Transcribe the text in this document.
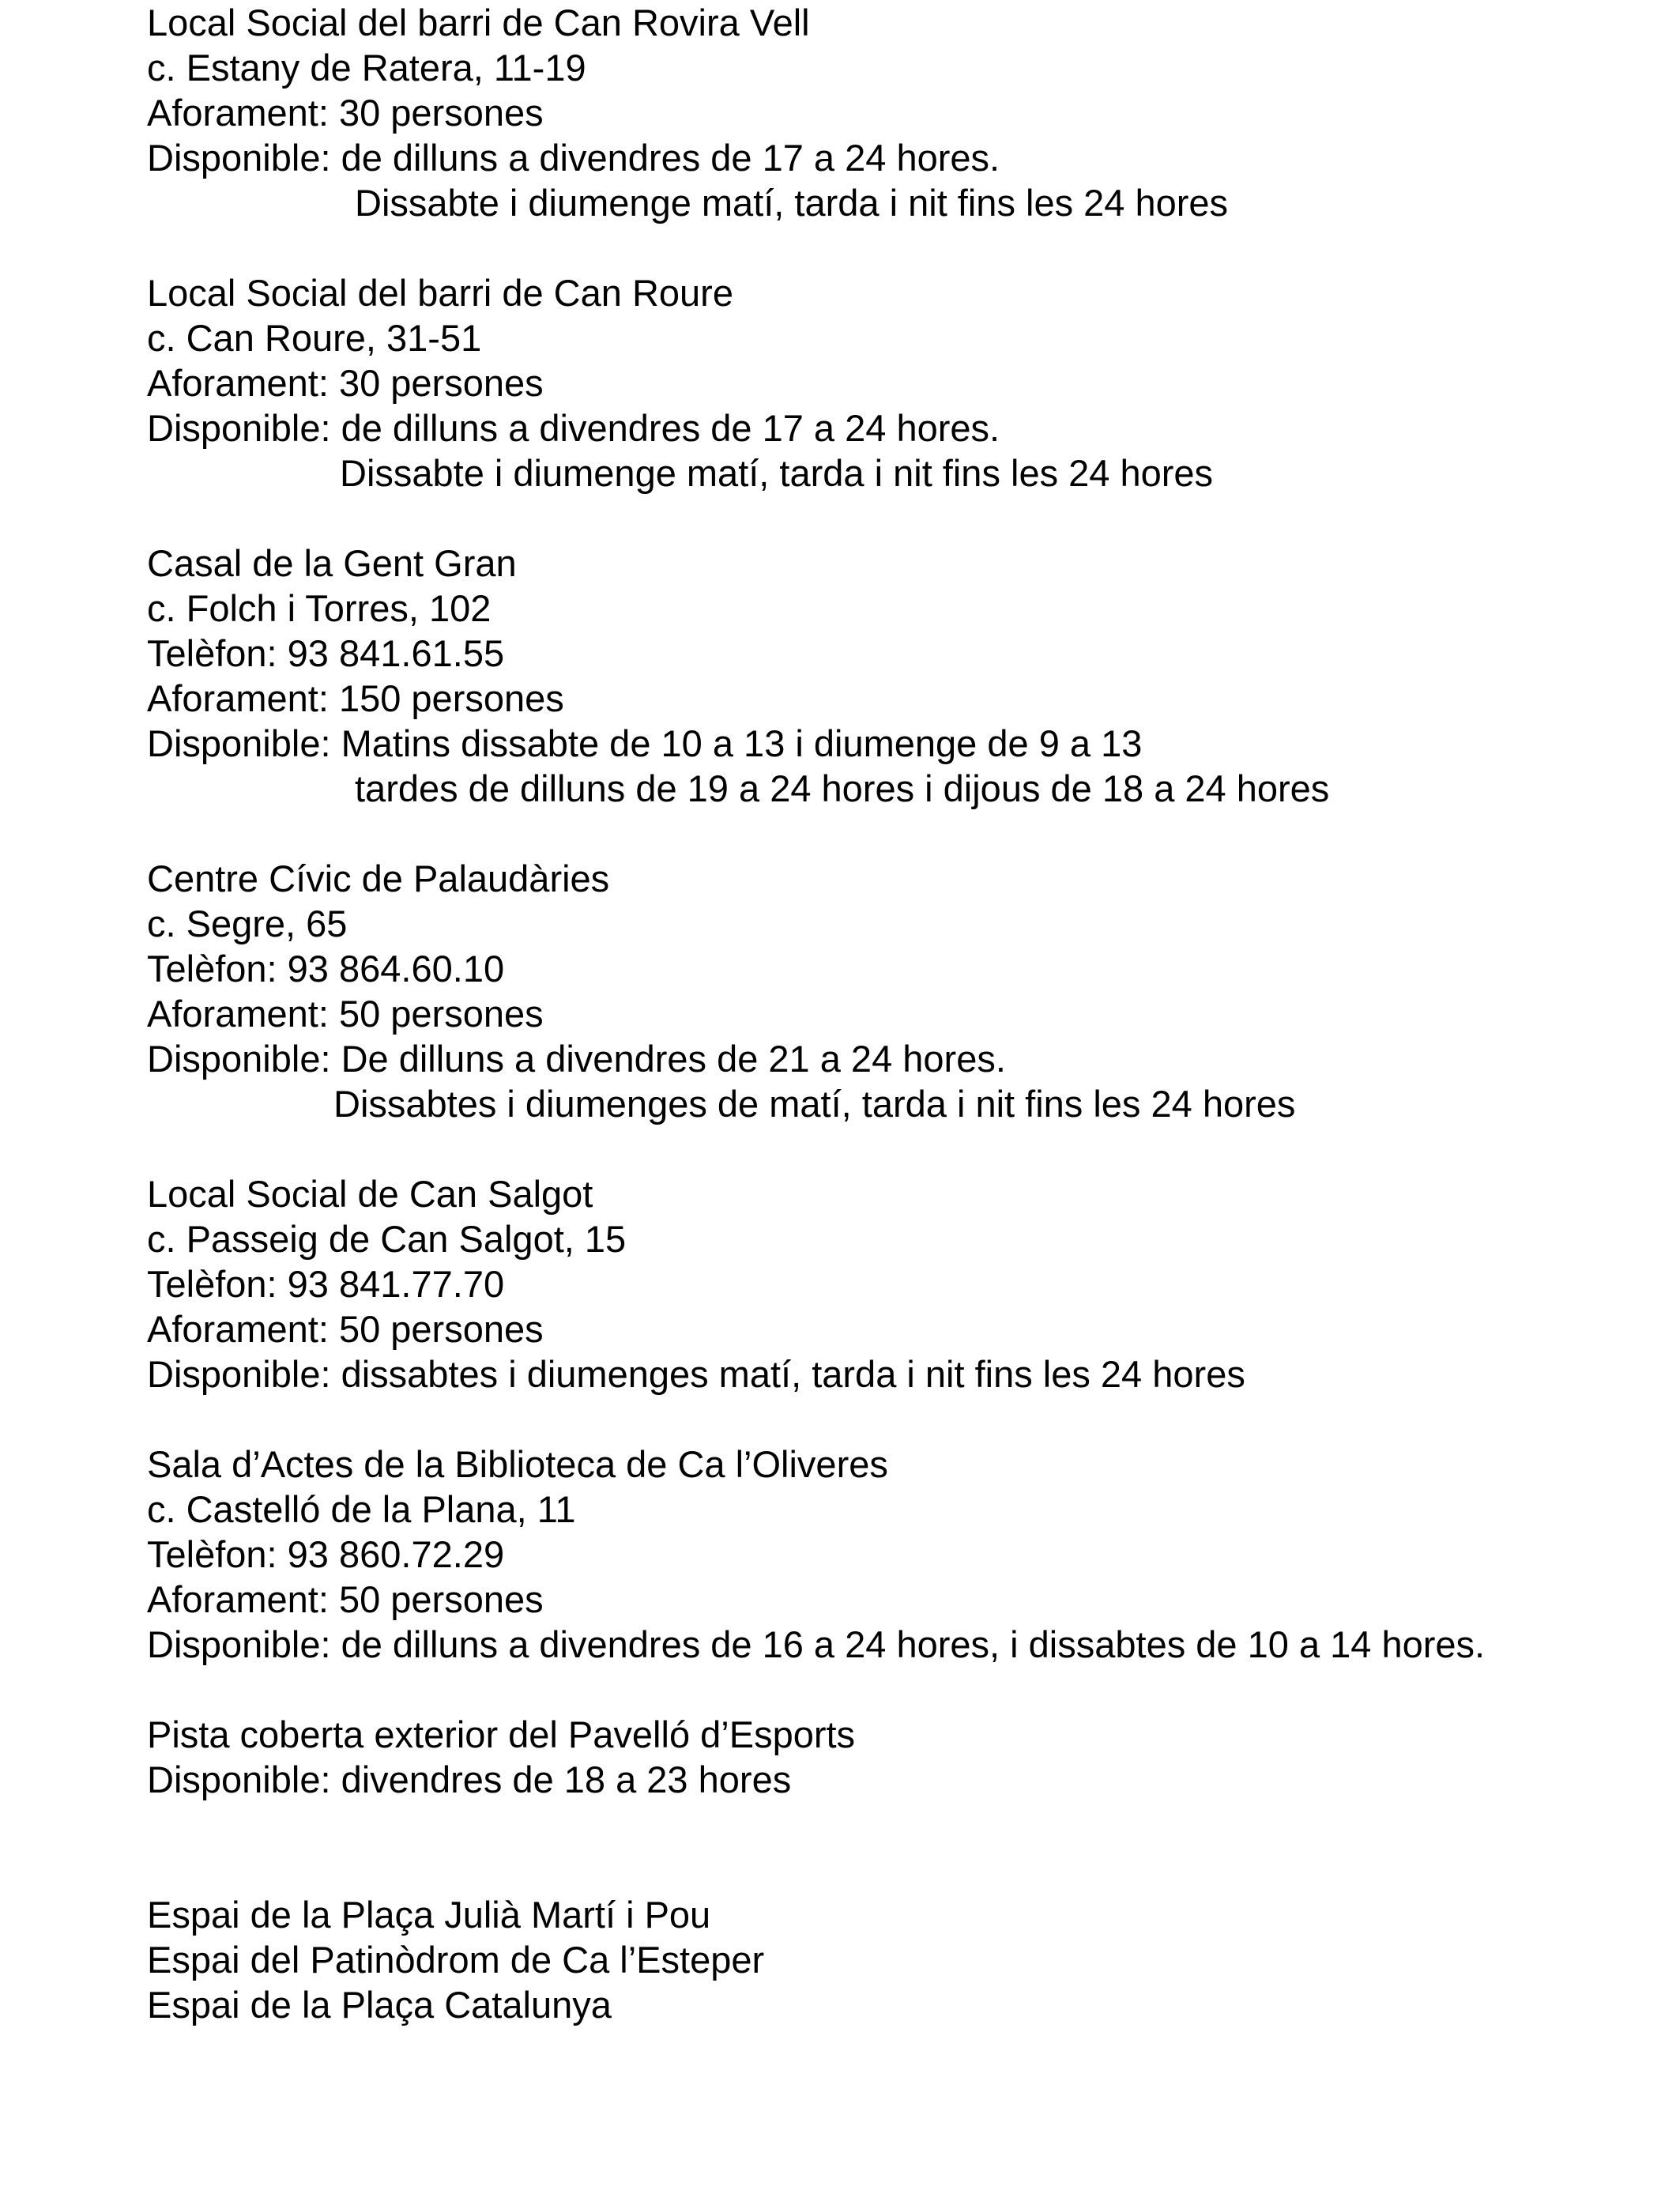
Local Social del barri de Can Rovira Vell
c. Estany de Ratera, 11-19
Aforament: 30 persones
Disponible: de dilluns a divendres de 17 a 24 hores.
Dissabte i diumenge matí, tarda i nit fins les 24 hores
Local Social del barri de Can Roure
c. Can Roure, 31-51
Aforament: 30 persones
Disponible: de dilluns a divendres de 17 a 24 hores.
Dissabte i diumenge matí, tarda i nit fins les 24 hores
Casal de la Gent Gran
c. Folch i Torres, 102
Telèfon: 93 841.61.55
Aforament: 150 persones
Disponible: Matins dissabte de 10 a 13 i diumenge de 9 a 13
tardes de dilluns de 19 a 24 hores i dijous de 18 a 24 hores
Centre Cívic de Palaudàries
c. Segre, 65
Telèfon: 93 864.60.10
Aforament: 50 persones
Disponible: De dilluns a divendres de 21 a 24 hores.
Dissabtes i diumenges de matí, tarda i nit fins les 24 hores
Local Social de Can Salgot
c. Passeig de Can Salgot, 15
Telèfon: 93 841.77.70
Aforament: 50 persones
Disponible: dissabtes i diumenges matí, tarda i nit fins les 24 hores
Sala d’Actes de la Biblioteca de Ca l’Oliveres
c. Castelló de la Plana, 11
Telèfon: 93 860.72.29
Aforament: 50 persones
Disponible: de dilluns a divendres de 16 a 24 hores, i dissabtes de 10 a 14 hores.
Pista coberta exterior del Pavelló d’Esports
Disponible: divendres de 18 a 23 hores
Espai de la Plaça Julià Martí i Pou
Espai del Patinòdrom de Ca l’Esteper
Espai de la Plaça Catalunya
